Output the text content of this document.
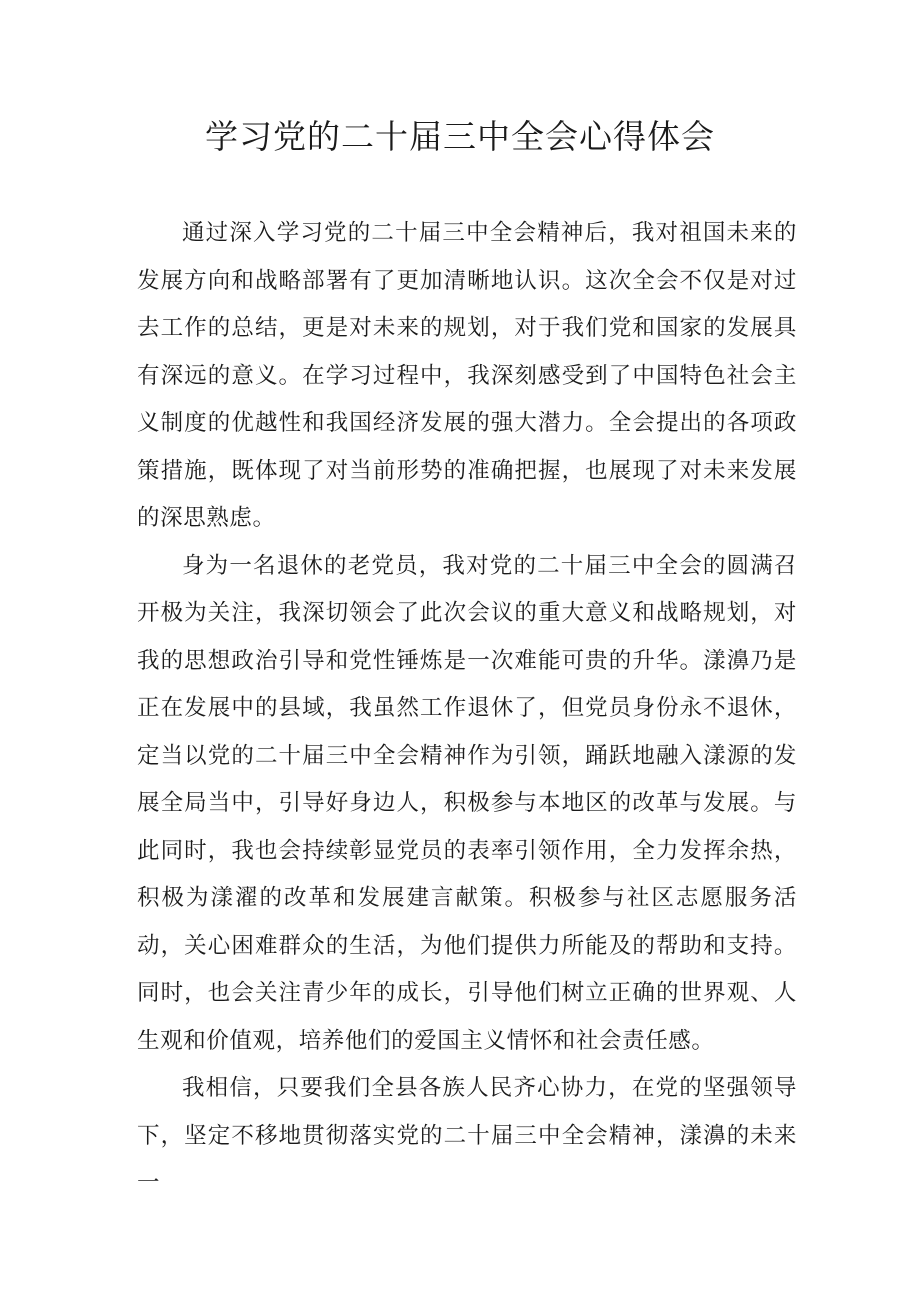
学习党的二十届三中全会心得体会

通过深入学习党的二十届三中全会精神后，我对祖国未来的发展方向和战略部署有了更加清晰地认识。这次全会不仅是对过去工作的总结，更是对未来的规划，对于我们党和国家的发展具有深远的意义。在学习过程中，我深刻感受到了中国特色社会主义制度的优越性和我国经济发展的强大潜力。全会提出的各项政策措施，既体现了对当前形势的准确把握，也展现了对未来发展的深思熟虑。

身为一名退休的老党员，我对党的二十届三中全会的圆满召开极为关注，我深切领会了此次会议的重大意义和战略规划，对我的思想政治引导和党性锤炼是一次难能可贵的升华。漾濞乃是正在发展中的县域，我虽然工作退休了，但党员身份永不退休，定当以党的二十届三中全会精神作为引领，踊跃地融入漾源的发展全局当中，引导好身边人，积极参与本地区的改革与发展。与此同时，我也会持续彰显党员的表率引领作用，全力发挥余热，积极为漾濯的改革和发展建言献策。积极参与社区志愿服务活动，关心困难群众的生活，为他们提供力所能及的帮助和支持。同时，也会关注青少年的成长，引导他们树立正确的世界观、人生观和价值观，培养他们的爱国主义情怀和社会责任感。

我相信，只要我们全县各族人民齐心协力，在党的坚强领导下，坚定不移地贯彻落实党的二十届三中全会精神，漾濞的未来一
